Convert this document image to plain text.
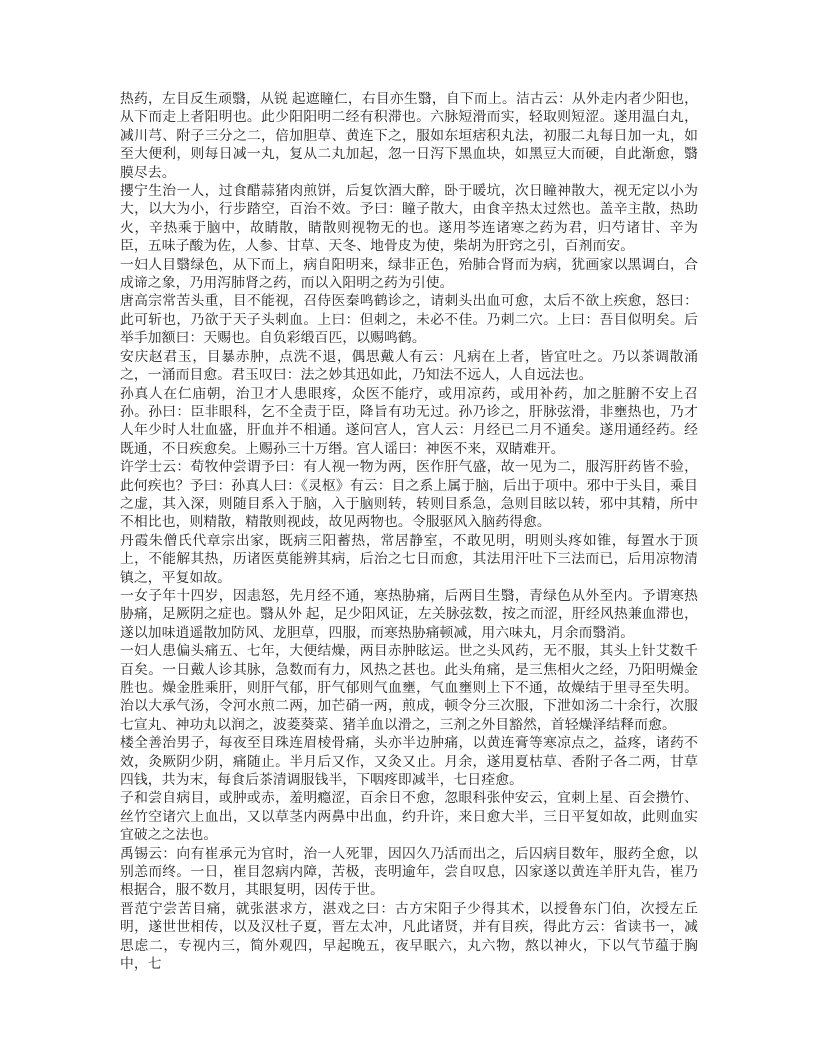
热药，左目反生顽翳，从锐 起遮瞳仁，右目亦生翳，自下而上。洁古云：从外走内者少阳也，从下而走上者阳明也。此少阳阳明二经有积滞也。六脉短滑而实，轻取则短涩。遂用温白丸，减川芎、附子三分之二，倍加胆草、黄连下之，服如东垣痞积丸法，初服二丸每日加一丸，如至大便利，则每日减一丸，复从二丸加起，忽一日泻下黑血块，如黑豆大而硬，自此渐愈，翳膜尽去。

攖宁生治一人，过食醋蒜猪肉煎饼，后复饮酒大醉，卧于暖坑，次日瞳神散大，视无定以小为大，以大为小，行步踏空，百治不效。予曰：瞳子散大，由食辛热太过然也。盖辛主散，热助火，辛热乘于脑中，故睛散，睛散则视物无的也。遂用芩连诸寒之药为君，归芍诸甘、辛为臣，五味子酸为佐，人参、甘草、天冬、地骨皮为使，柴胡为肝窍之引，百剂而安。

一妇人目翳绿色，从下而上，病自阳明来，绿非正色，殆肺合肾而为病，犹画家以黑调白，合成谛之象，乃用泻肺肾之药，而以入阳明之药为引使。

唐高宗常苦头重，目不能视，召侍医秦鸣鹤诊之，请刺头出血可愈，太后不欲上疾愈，怒曰：此可斩也，乃欲于天子头刺血。上曰：但刺之，未必不佳。乃刺二穴。上曰：吾目似明矣。后举手加额曰：天赐也。自负彩缎百匹，以赐鸣鹤。

安庆赵君玉，目暴赤肿，点洗不退，偶思戴人有云：凡病在上者，皆宜吐之。乃以茶调散涌之，一涌而目愈。君玉叹曰：法之妙其迅如此，乃知法不远人，人自远法也。

孙真人在仁庙朝，治卫才人患眼疼，众医不能疗，或用凉药，或用补药，加之脏腑不安上召孙。孙曰：臣非眼科，乞不全责于臣，降旨有功无过。孙乃诊之，肝脉弦滑，非壅热也，乃才人年少时人壮血盛，肝血并不相通。遂问宫人，宫人云：月经已二月不通矣。遂用通经药。经既通，不日疾愈矣。上赐孙三十万缗。宫人谣曰：神医不来，双睛难开。

许学士云：荀牧仲尝谓予曰：有人视一物为两，医作肝气盛，故一见为二，服泻肝药皆不验，此何疾也？予曰：孙真人曰：《灵枢》有云：目之系上属于脑，后出于项中。邪中于头目，乘目之虚，其入深，则随目系入于脑，入于脑则转，转则目系急，急则目眩以转，邪中其精，所中不相比也，则精散，精散则视歧，故见两物也。令服驱风入脑药得愈。

丹霞朱僧氏代章宗出家，既病三阳蓄热，常居静室，不敢见明，明则头疼如锥，每置水于顶上，不能解其热，历诸医莫能辨其病，后治之七日而愈，其法用汗吐下三法而已，后用凉物清镇之，平复如故。

一女子年十四岁，因恚怒，先月经不通，寒热胁痛，后两目生翳，青绿色从外至内。予谓寒热胁痛，足厥阴之症也。翳从外 起，足少阳风证，左关脉弦数，按之而涩，肝经风热兼血滞也，遂以加味逍遥散加防风、龙胆草，四服，而寒热胁痛顿减，用六味丸，月余而翳消。

一妇人患偏头痛五、七年，大便结燥，两目赤肿眩运。世之头风药，无不服，其头上针艾数千百矣。一日戴人诊其脉，急数而有力，风热之甚也。此头角痛，是三焦相火之经，乃阳明燥金胜也。燥金胜乘肝，则肝气郁，肝气郁则气血壅，气血壅则上下不通，故燥结于里寻至失明。治以大承气汤，令河水煎二两，加芒硝一两，煎成，顿令分三次服，下泄如汤二十余行，次服七宣丸、神功丸以润之，波菱葵菜、猪羊血以滑之，三剂之外目豁然，首轻燥泽结释而愈。

楼全善治男子，每夜至目珠连眉棱骨痛，头亦半边肿痛，以黄连膏等寒凉点之，益疼，诸药不效，灸厥阴少阴，痛随止。半月后又作，又灸又止。月余，遂用夏枯草、香附子各二两，甘草四钱，共为末，每食后茶清调服钱半，下咽疼即减半，七日痊愈。

子和尝自病目，或肿或赤，羞明瘾涩，百余日不愈，忽眼科张仲安云，宜刺上星、百会攒竹、丝竹空诸穴上血出，又以草茎内两鼻中出血，约升许，来日愈大半，三日平复如故，此则血实宜破之之法也。

禹锡云：向有崔承元为官时，治一人死罪，因囚久乃活而出之，后囚病目数年，服药全愈，以别恙而终。一日，崔目忽病内障，苦极，丧明逾年，尝自叹息，囚家遂以黄连羊肝丸告，崔乃根据合，服不数月，其眼复明，因传于世。

晋范宁尝苦目痛，就张湛求方，湛戏之曰：古方宋阳子少得其术，以授鲁东门伯，次授左丘明，遂世世相传，以及汉杜子夏，晋左太冲，凡此诸贤，并有目疾，得此方云：省读书一，减思虑二，专视内三，简外观四，早起晚五，夜早眠六，丸六物，熬以神火，下以气节蕴于胸中，七
